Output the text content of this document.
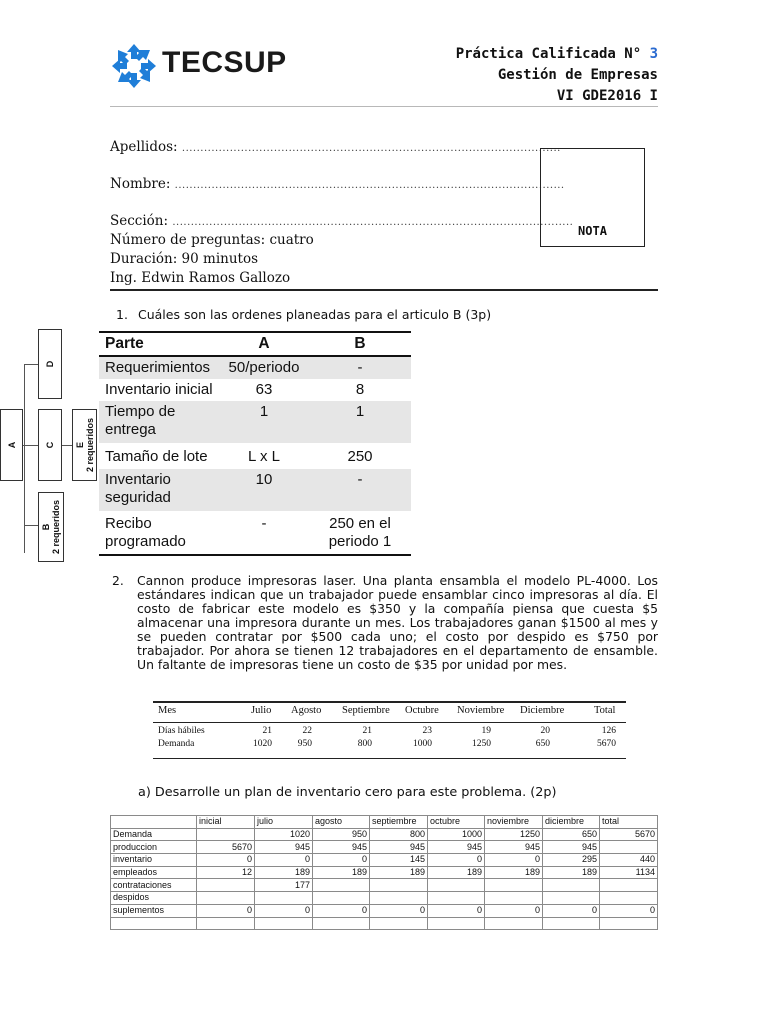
TECSUP	Práctica Calificada N° 3
Gestión de Empresas
VI GDE2016 I
Apellidos: .......................................................................................................
Nombre: ..........................................................................................................
Sección: .............................................................................................................
Número de preguntas: cuatro
Duración: 90 minutos
Ing. Edwin Ramos Gallozo
NOTA
1. Cuáles son las ordenes planeadas para el articulo B (3p)
A
D
C E
2 requeridos
B
2 requeridos
Parte	A	B
Requerimientos	50/periodo	-
Inventario inicial	63	8
Tiempo de entrega	1	1
Tamaño de lote	L x L	250
Inventario seguridad	10	-
Recibo programado	-	250 en el periodo 1
2. Cannon produce impresoras laser. Una planta ensambla el modelo PL-4000. Los estándares indican que un trabajador puede ensamblar cinco impresoras al día. El costo de fabricar este modelo es $350 y la compañía piensa que cuesta $5 almacenar una impresora durante un mes. Los trabajadores ganan $1500 al mes y se pueden contratar por $500 cada uno; el costo por despido es $750 por trabajador. Por ahora se tienen 12 trabajadores en el departamento de ensamble. Un faltante de impresoras tiene un costo de $35 por unidad por mes.
Mes	Julio Agosto Septiembre Octubre Noviembre Diciembre	Total
Días hábiles	21	22	21	23	19	20	126
Demanda	1020	950	800	1000	1250	650	5670
a) Desarrolle un plan de inventario cero para este problema. (2p)
	inicial	julio	agosto	septiembre	octubre	noviembre	diciembre	total
Demanda		1020	950	800	1000	1250	650	5670
produccion	5670	945	945	945	945	945	945	
inventario	0	0	0	145	0	0	295	440
empleados	12	189	189	189	189	189	189	1134
contrataciones		177						
despidos								
suplementos	0	0	0	0	0	0	0	0
